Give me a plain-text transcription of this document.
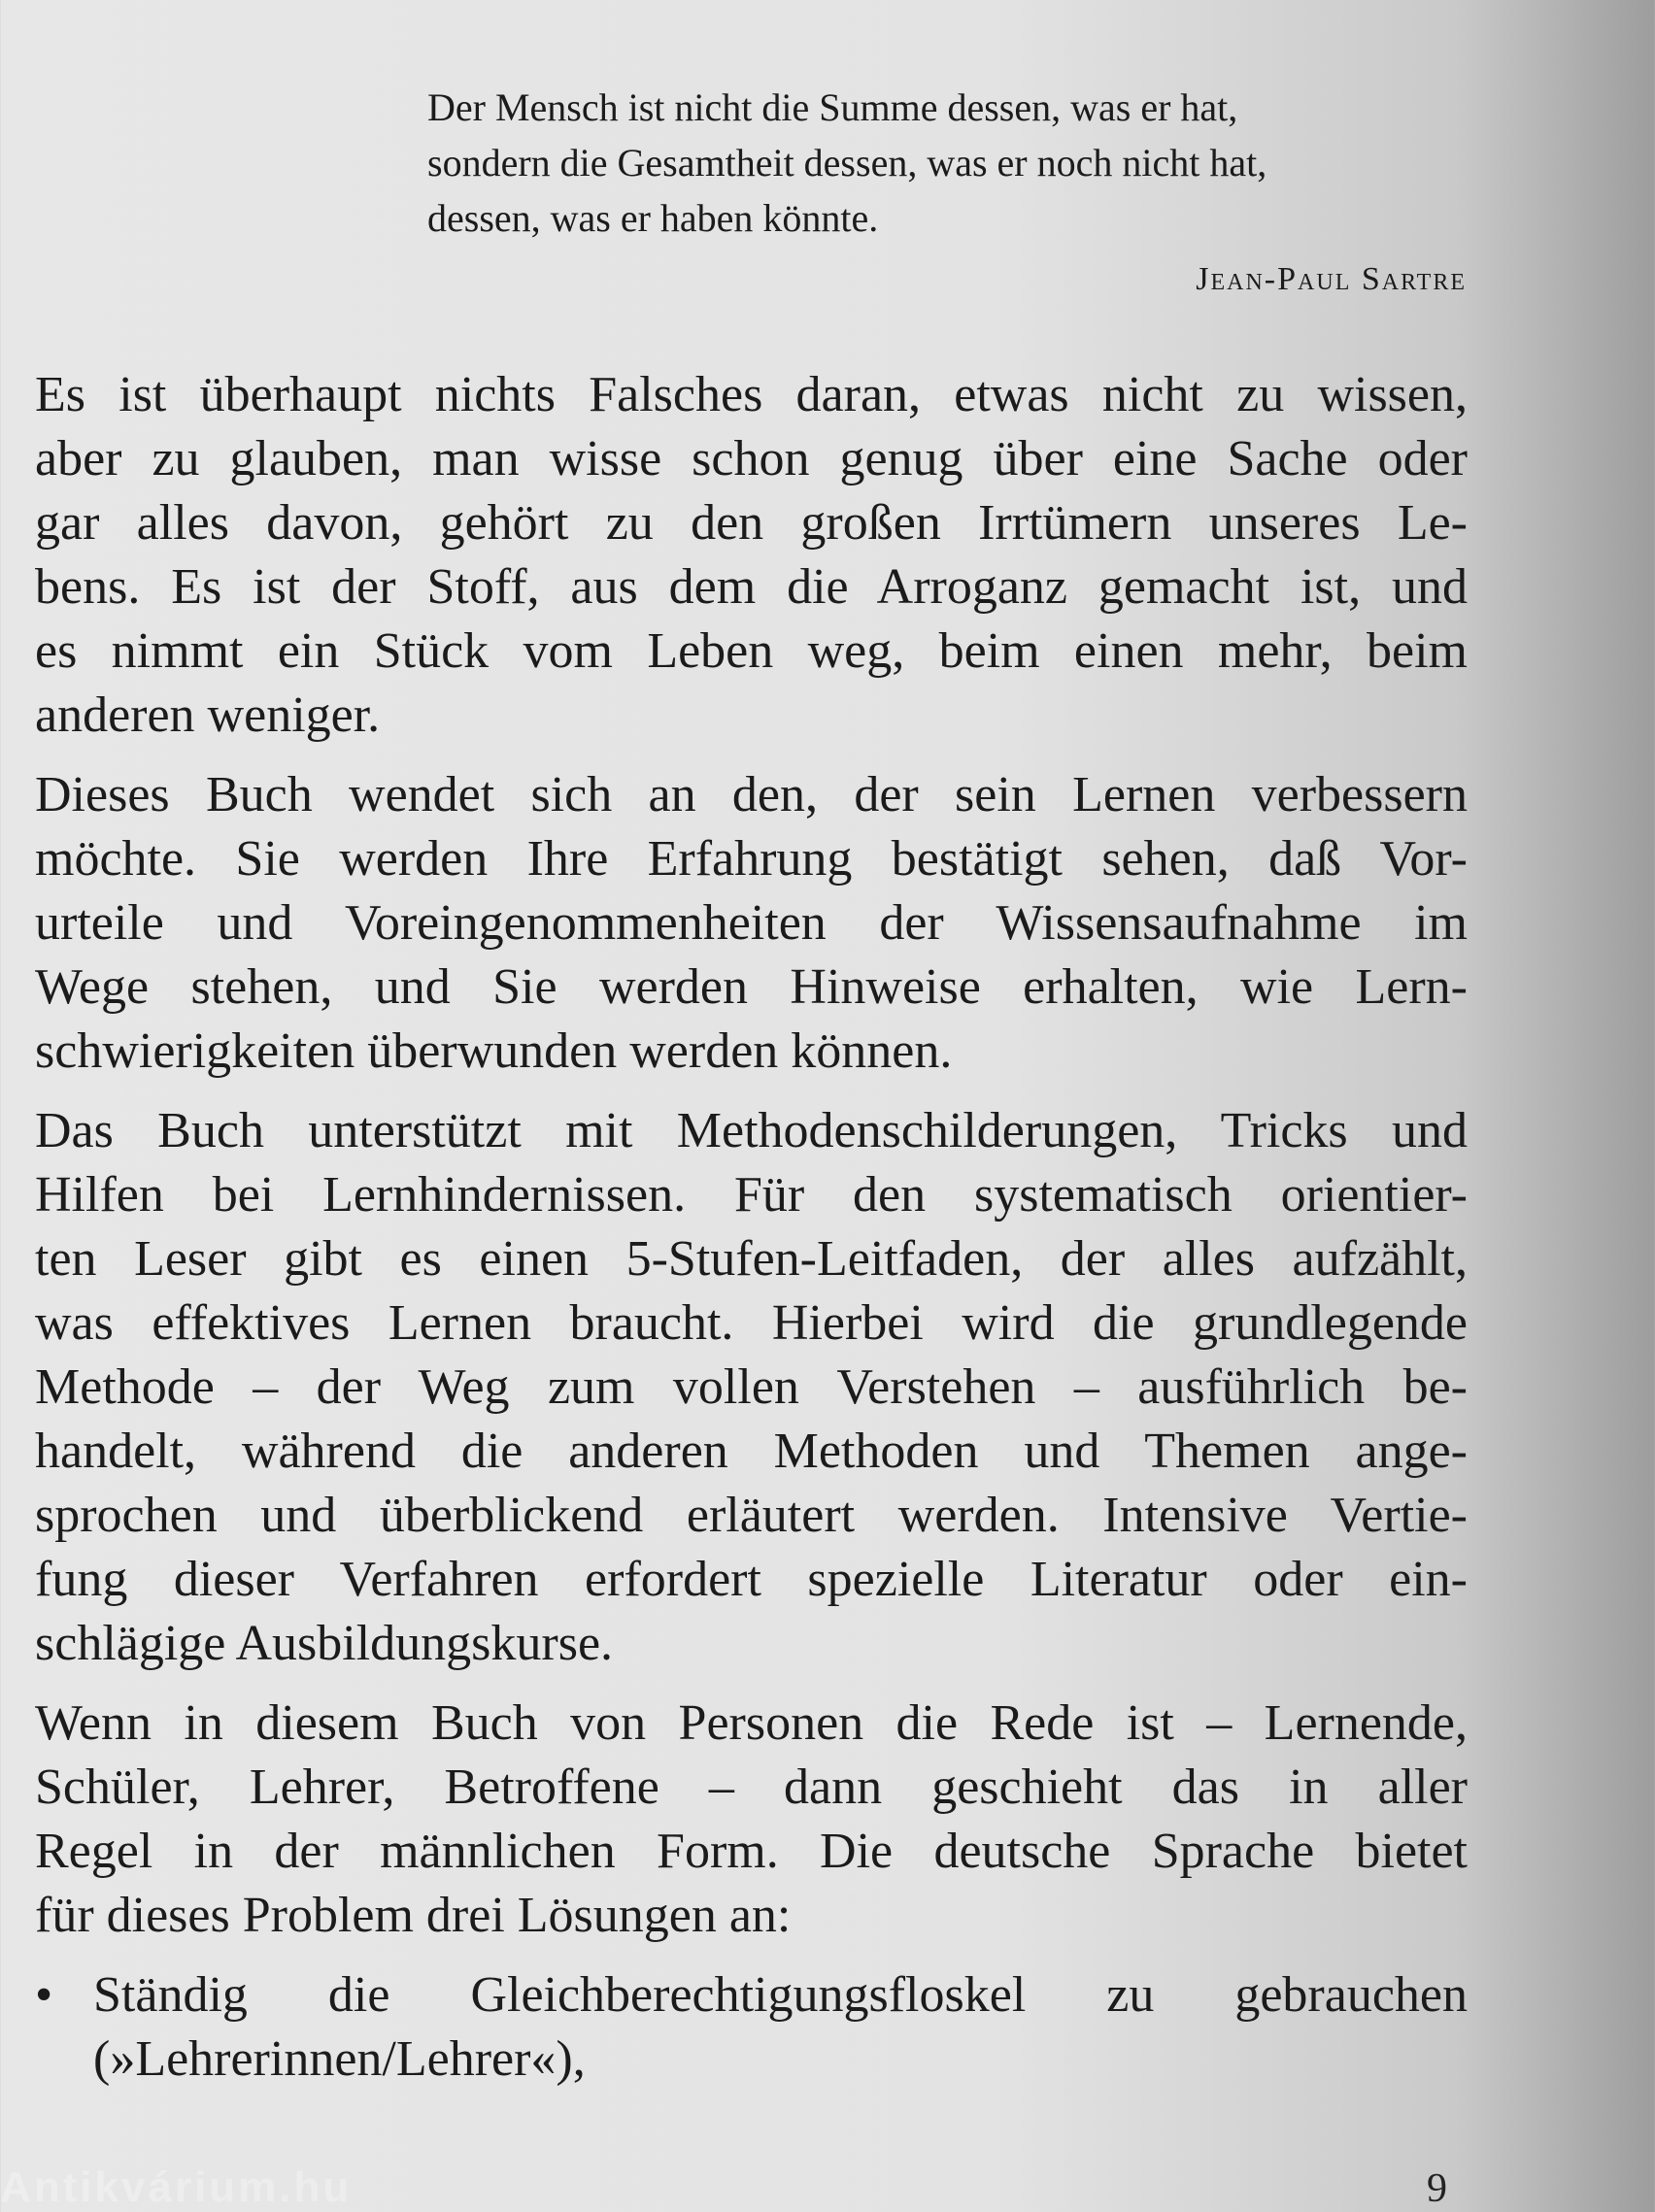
Der Mensch ist nicht die Summe dessen, was er hat,
sondern die Gesamtheit dessen, was er noch nicht hat,
dessen, was er haben könnte.

Jean-Paul Sartre

Es ist überhaupt nichts Falsches daran, etwas nicht zu wissen,
aber zu glauben, man wisse schon genug über eine Sache oder
gar alles davon, gehört zu den großen Irrtümern unseres Le-
bens. Es ist der Stoff, aus dem die Arroganz gemacht ist, und
es nimmt ein Stück vom Leben weg, beim einen mehr, beim
anderen weniger.

Dieses Buch wendet sich an den, der sein Lernen verbessern
möchte. Sie werden Ihre Erfahrung bestätigt sehen, daß Vor-
urteile und Voreingenommenheiten der Wissensaufnahme im
Wege stehen, und Sie werden Hinweise erhalten, wie Lern-
schwierigkeiten überwunden werden können.

Das Buch unterstützt mit Methodenschilderungen, Tricks und
Hilfen bei Lernhindernissen. Für den systematisch orientier-
ten Leser gibt es einen 5-Stufen-Leitfaden, der alles aufzählt,
was effektives Lernen braucht. Hierbei wird die grundlegende
Methode – der Weg zum vollen Verstehen – ausführlich be-
handelt, während die anderen Methoden und Themen ange-
sprochen und überblickend erläutert werden. Intensive Vertie-
fung dieser Verfahren erfordert spezielle Literatur oder ein-
schlägige Ausbildungskurse.

Wenn in diesem Buch von Personen die Rede ist – Lernende,
Schüler, Lehrer, Betroffene – dann geschieht das in aller
Regel in der männlichen Form. Die deutsche Sprache bietet
für dieses Problem drei Lösungen an:

• Ständig die Gleichberechtigungsfloskel zu gebrauchen
(»Lehrerinnen/Lehrer«),
Antikvárium.hu	9
